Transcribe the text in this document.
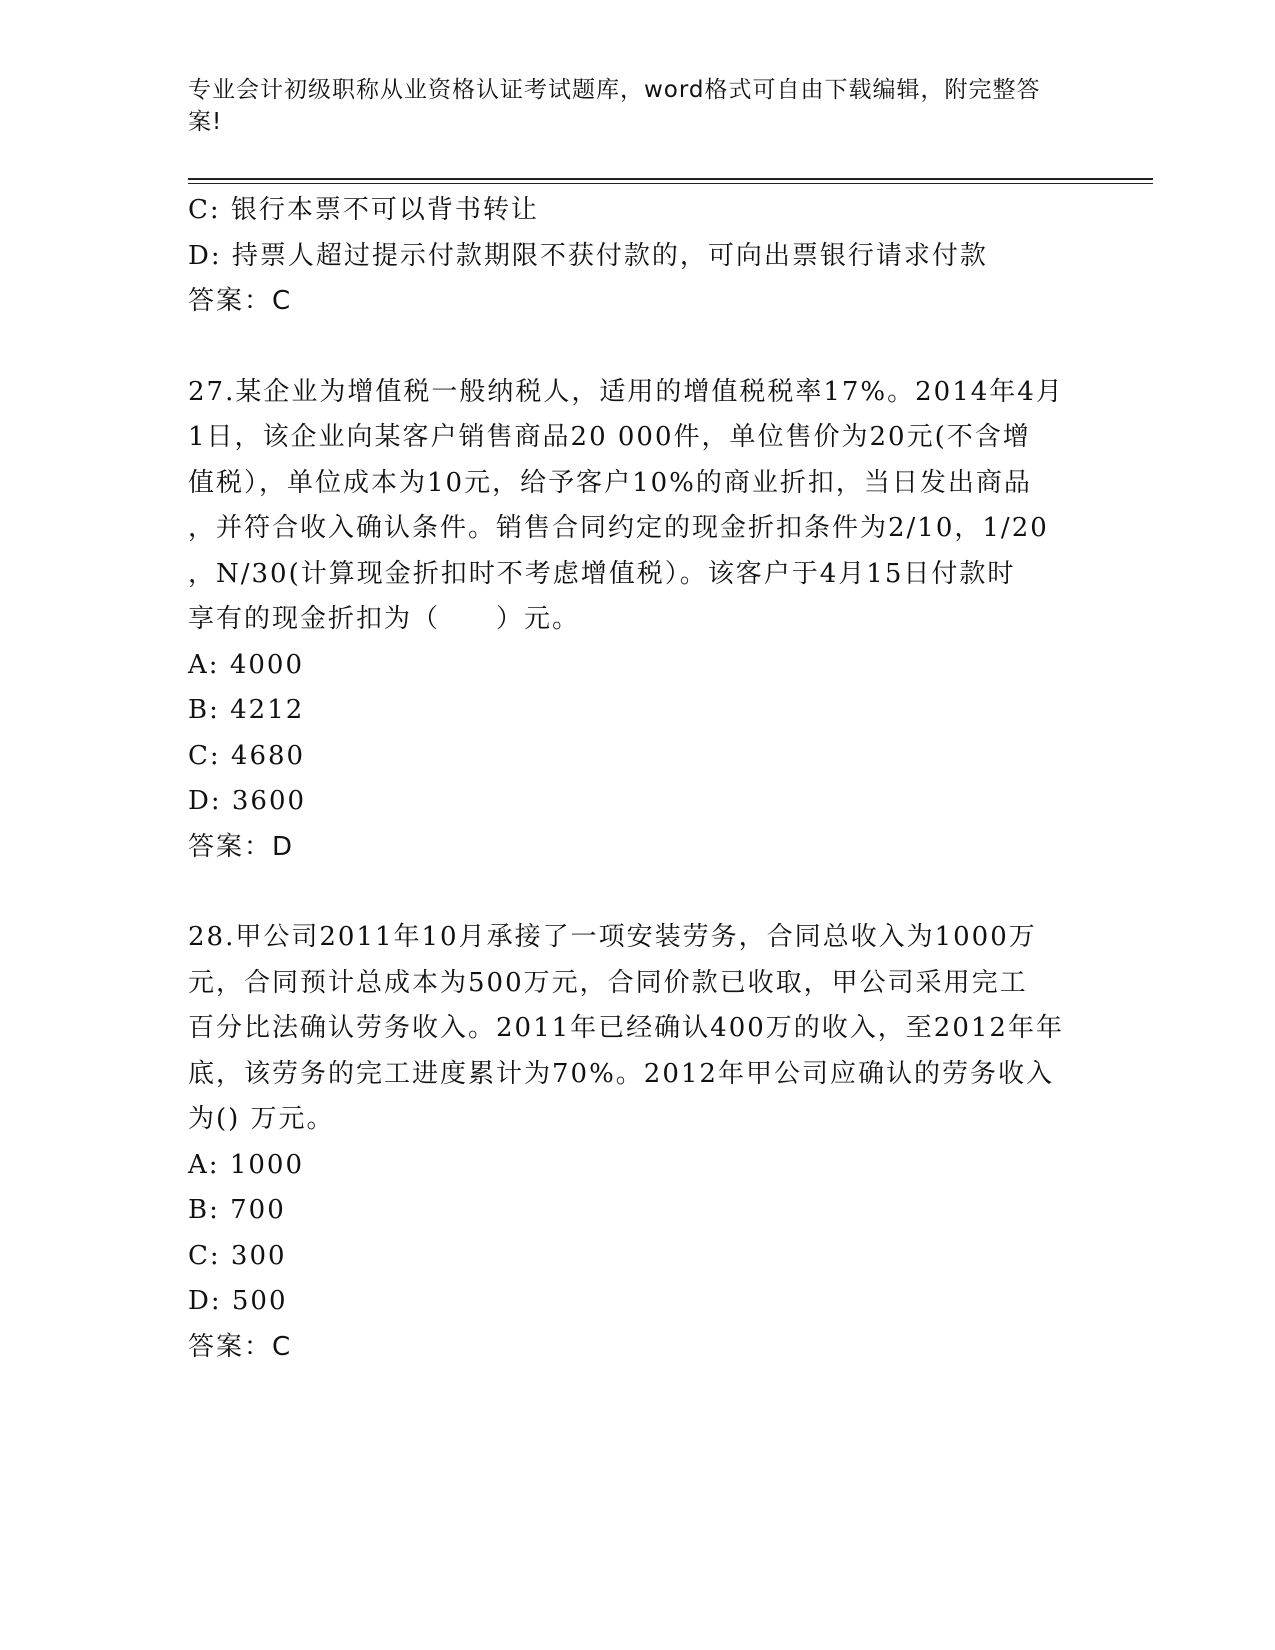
专业会计初级职称从业资格认证考试题库，word格式可自由下载编辑，附完整答
案!
C: 银行本票不可以背书转让
D: 持票人超过提示付款期限不获付款的，可向出票银行请求付款
答案：C
27.某企业为增值税一般纳税人，适用的增值税税率17%。2014年4月
1日，该企业向某客户销售商品20 000件，单位售价为20元(不含增
值税），单位成本为10元，给予客户10%的商业折扣，当日发出商品
，并符合收入确认条件。销售合同约定的现金折扣条件为2/10，1/20
，N/30(计算现金折扣时不考虑增值税）。该客户于4月15日付款时
享有的现金折扣为（　　）元。
A: 4000
B: 4212
C: 4680
D: 3600
答案：D
28.甲公司2011年10月承接了一项安装劳务，合同总收入为1000万
元，合同预计总成本为500万元，合同价款已收取，甲公司采用完工
百分比法确认劳务收入。2011年已经确认400万的收入，至2012年年
底，该劳务的完工进度累计为70%。2012年甲公司应确认的劳务收入
为() 万元。
A: 1000
B: 700
C: 300
D: 500
答案：C
